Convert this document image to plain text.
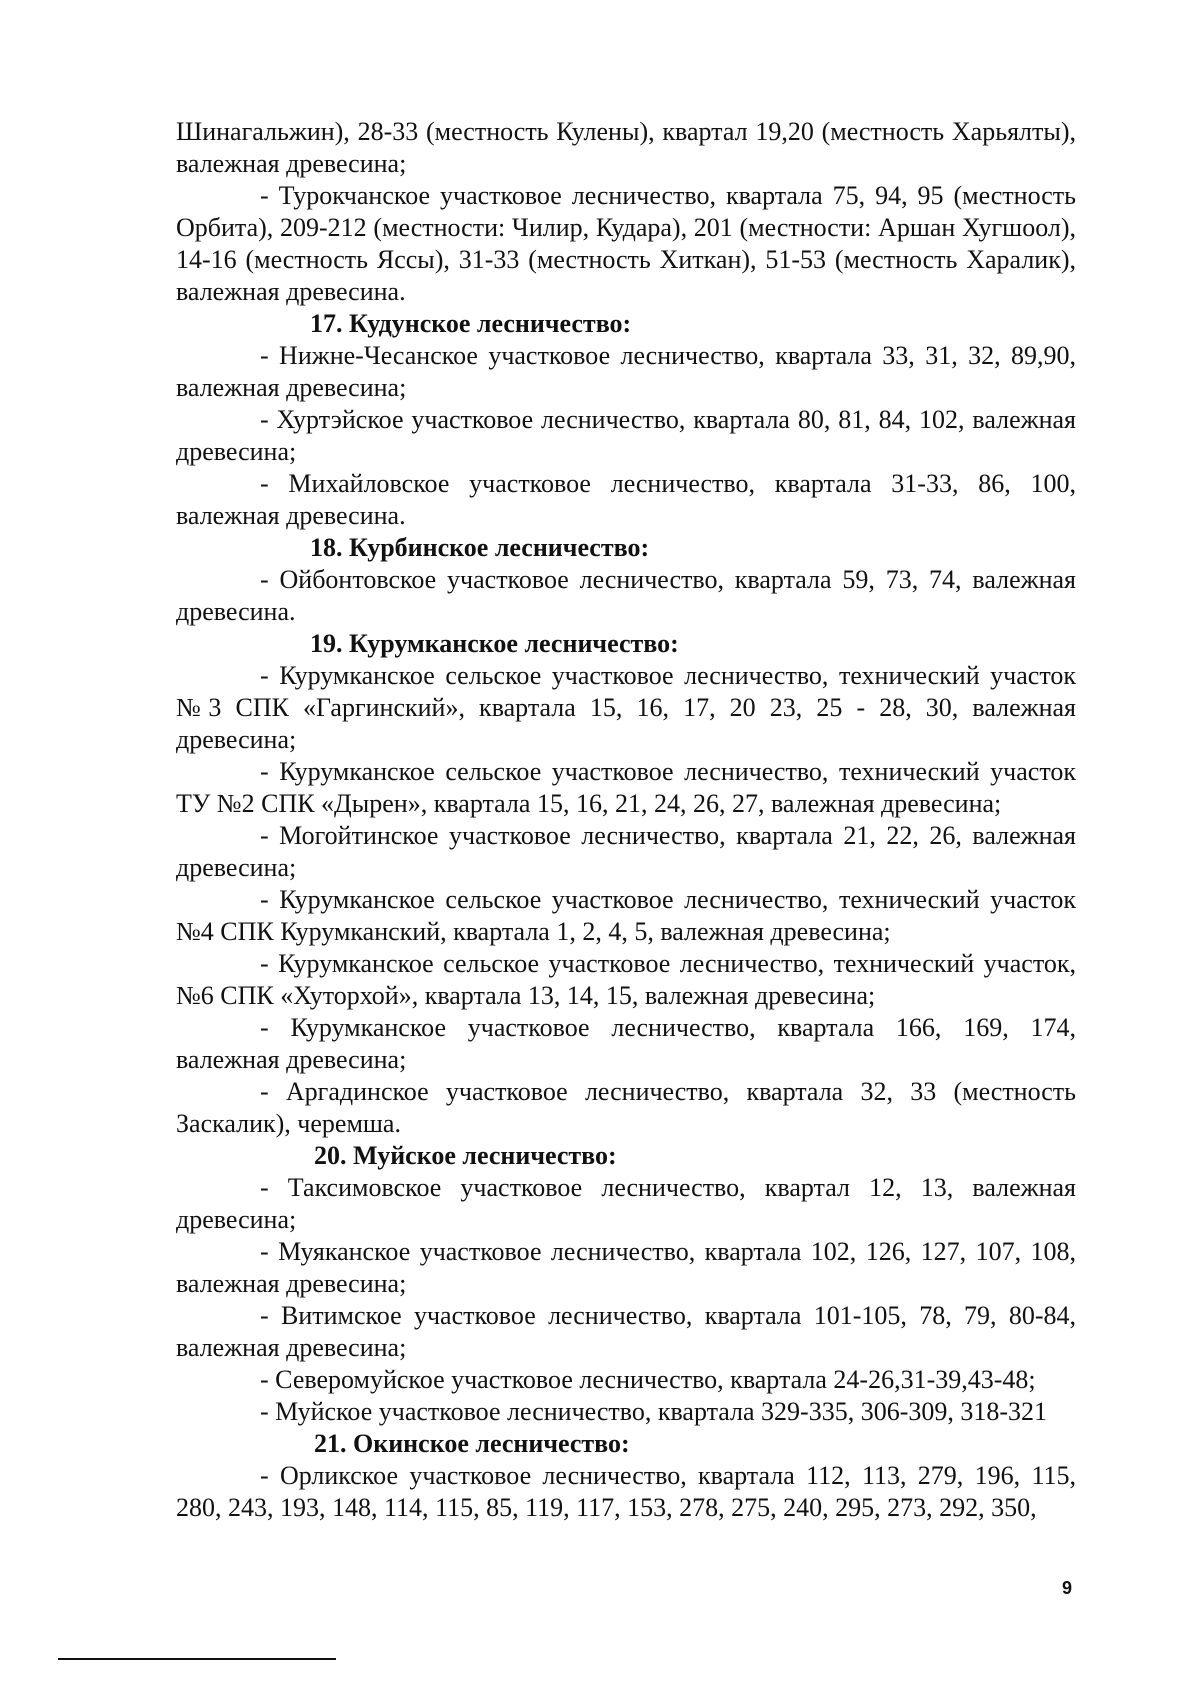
Шинагальжин), 28-33 (местность Кулены), квартал 19,20 (местность Харьялты), валежная древесина;

- Турокчанское участковое лесничество, квартала 75, 94, 95 (местность Орбита), 209-212 (местности: Чилир, Кудара), 201 (местности: Аршан Хугшоол), 14-16 (местность Яссы), 31-33 (местность Хиткан), 51-53 (местность Харалик), валежная древесина.

17. Кудунское лесничество:

- Нижне-Чесанское участковое лесничество, квартала 33, 31, 32, 89,90, валежная древесина;

- Хуртэйское участковое лесничество, квартала 80, 81, 84, 102, валежная древесина;

- Михайловское участковое лесничество, квартала 31-33, 86, 100, валежная древесина.

18. Курбинское лесничество:

- Ойбонтовское участковое лесничество, квартала 59, 73, 74, валежная древесина.

19. Курумканское лесничество:

- Курумканское сельское участковое лесничество, технический участок №3 СПК «Гаргинский», квартала 15, 16, 17, 20 23, 25 - 28, 30, валежная древесина;

- Курумканское сельское участковое лесничество, технический участок ТУ №2 СПК «Дырен», квартала 15, 16, 21, 24, 26, 27, валежная древесина;

- Могойтинское участковое лесничество, квартала 21, 22, 26, валежная древесина;

- Курумканское сельское участковое лесничество, технический участок №4 СПК Курумканский, квартала 1, 2, 4, 5, валежная древесина;

- Курумканское сельское участковое лесничество, технический участок, №6 СПК «Хуторхой», квартала 13, 14, 15, валежная древесина;

- Курумканское участковое лесничество, квартала 166, 169, 174, валежная древесина;

- Аргадинское участковое лесничество, квартала 32, 33 (местность Заскалик), черемша.

20. Муйское лесничество:

- Таксимовское участковое лесничество, квартал 12, 13, валежная древесина;

- Муяканское участковое лесничество, квартала 102, 126, 127, 107, 108, валежная древесина;

- Витимское участковое лесничество, квартала 101-105, 78, 79, 80-84, валежная древесина;

- Северомуйское участковое лесничество, квартала 24-26,31-39,43-48;

- Муйское участковое лесничество, квартала 329-335, 306-309, 318-321

21. Окинское лесничество:

- Орликское участковое лесничество, квартала 112, 113, 279, 196, 115, 280, 243, 193, 148, 114, 115, 85, 119, 117, 153, 278, 275, 240, 295, 273, 292, 350,

9
